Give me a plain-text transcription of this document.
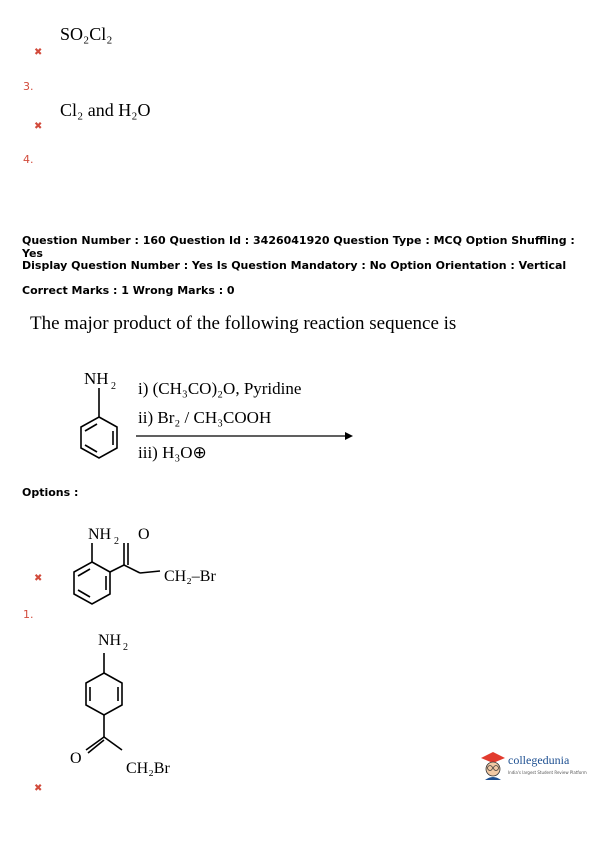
SO₂Cl₂
✖
3.
Cl₂ and H₂O
✖
4.
Question Number : 160 Question Id : 3426041920 Question Type : MCQ Option Shuffling : Yes
Display Question Number : Yes Is Question Mandatory : No Option Orientation : Vertical
Correct Marks : 1 Wrong Marks : 0
The major product of the following reaction sequence is
NH 2 i) (CH₃CO)₂O, Pyridine
ii) Br₂ / CH₃COOH
iii) H₃O⊕
Options :
NH 2 O
CH₂–Br
✖
1.
NH 2
O
CH₂Br
✖
collegedunia
India's largest Student Review Platform
